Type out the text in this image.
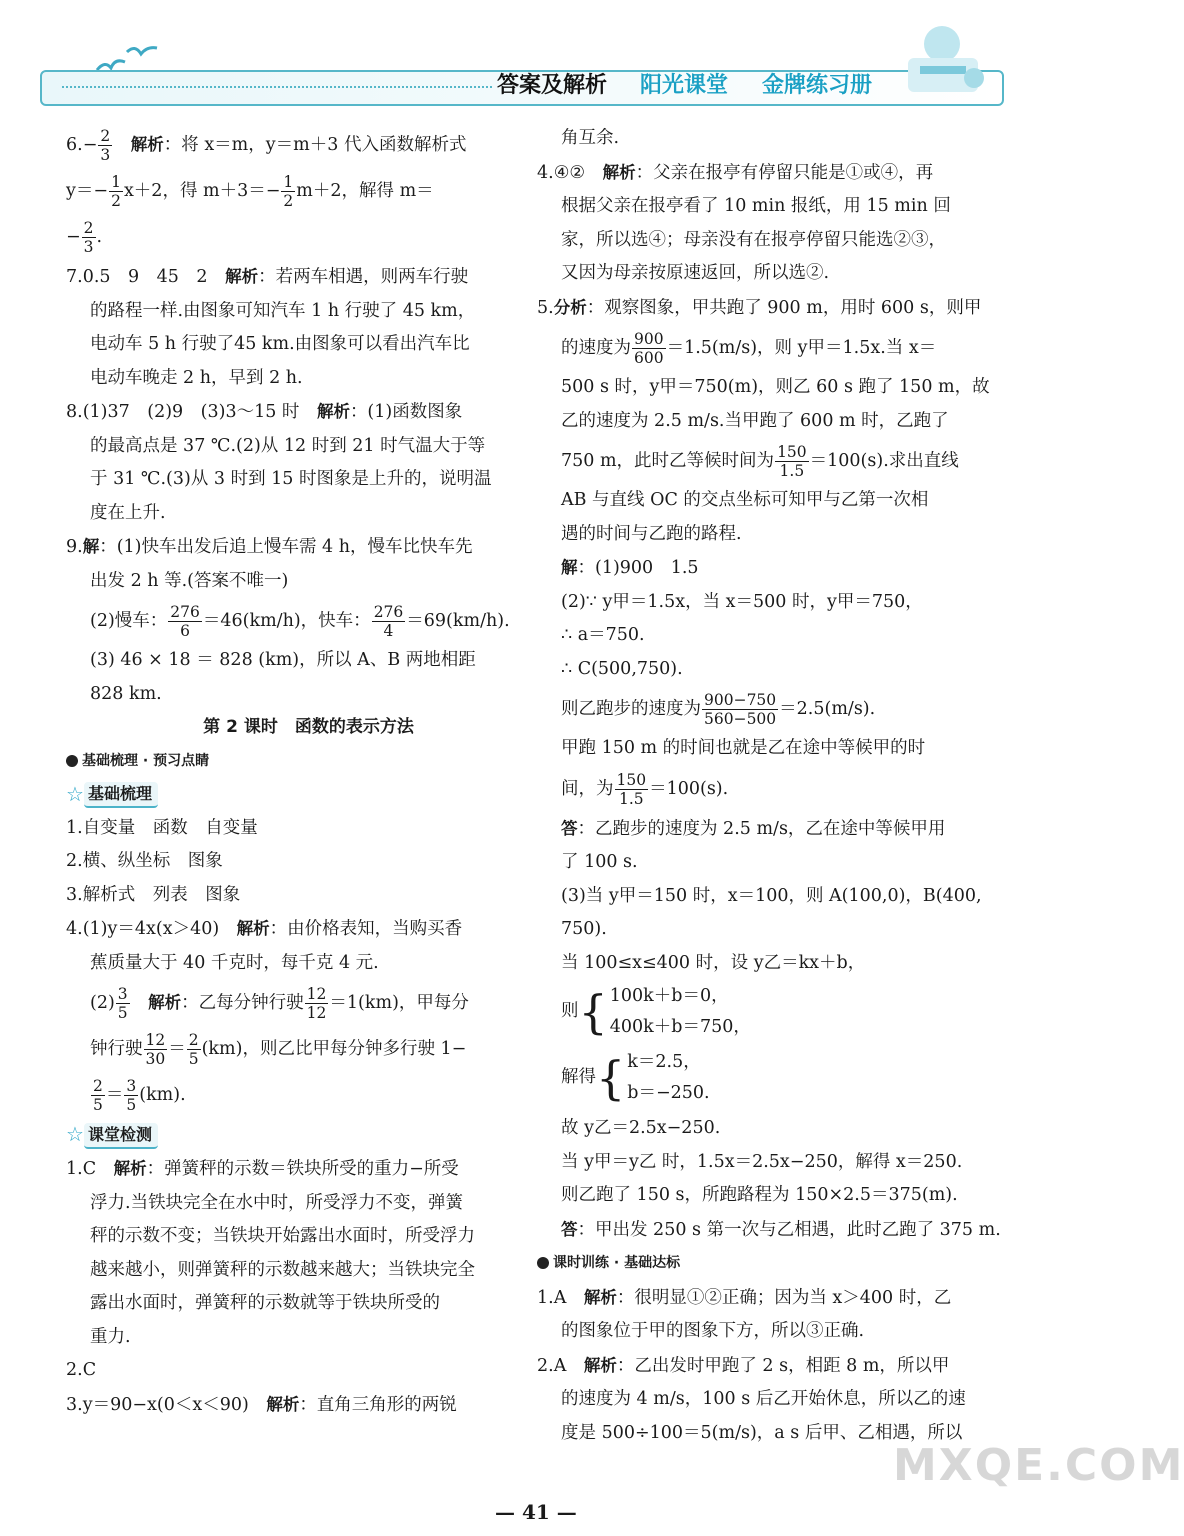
答案及解析 阳光课堂 金牌练习册
$6.- \frac{2}{3}$
　 解析：将 x＝m，y＝m＋3 代入函数解析式
$y=- \frac{1}{2} x+2$，得 $m+3=- \frac{1}{2} m+2$，解得 m＝
− $\frac{2}{3}$ .
7.0.5　9　45　2　 解析：若两车相遇，则两车行驶
的路程一样.由图象可知汽车 1 h 行驶了 45 km，
电动车 5 h 行驶了45 km.由图象可以看出汽车比
电动车晚走 2 h，早到 2 h.
8.(1)37　(2)9　(3)3～15 时　 解析：(1)函数图象
的最高点是 37 ℃.(2)从 12 时到 21 时气温大于等
于 31 ℃.(3)从 3 时到 15 时图象是上升的，说明温
度在上升.
9.解：(1)快车出发后追上慢车需 4 h，慢车比快车先
出发 2 h 等.(答案不唯一)
(2)慢车： $\frac{276}{6} =46(km/h)$，快车： $\frac{276}{4} =69(km/h)$.
(3) 46 × 18 ＝ 828 (km)，所以 A、B 两地相距
828 km.
第 2 课时　函数的表示方法
基础梳理 · 预习点睛
☆ 基础梳理
1.自变量　函数　自变量
2.横、纵坐标　图象
3.解析式　列表　图象
4.(1)y＝4x(x＞40)　 解析：由价格表知，当购买香
蕉质量大于 40 千克时，每千克 4 元.
$(2) \frac{3}{5}$
　 解析：乙每分钟行驶 $\frac{12}{12} =1(km)$，甲每分
钟行驶 $\frac{12}{30} = \frac{2}{5} (km)$，则乙比甲每分钟多行驶 1−
$\frac{2}{5} = \frac{3}{5} (km)$.
☆ 课堂检测
1.C　 解析：弹簧秤的示数＝铁块所受的重力−所受
浮力.当铁块完全在水中时，所受浮力不变，弹簧
秤的示数不变；当铁块开始露出水面时，所受浮力
越来越小，则弹簧秤的示数越来越大；当铁块完全
露出水面时，弹簧秤的示数就等于铁块所受的
重力.
2.C
3.y＝90−x(0＜x＜90)　 解析：直角三角形的两锐
角互余.
4.④②　 解析：父亲在报亭有停留只能是①或④，再
根据父亲在报亭看了 10 min 报纸，用 15 min 回
家，所以选④；母亲没有在报亭停留只能选②③，
又因为母亲按原速返回，所以选②.
5.分析：观察图象，甲共跑了 900 m，用时 600 s，则甲
的速度为 $\frac{900}{600} =1.5(m/s)$，则 y甲＝1.5x.当 x＝
500 s 时，y甲＝750(m)，则乙 60 s 跑了 150 m，故
乙的速度为 2.5 m/s.当甲跑了 600 m 时，乙跑了
750 m，此时乙等候时间为 $\frac{150}{1.5} =100(s)$.求出直线
AB 与直线 OC 的交点坐标可知甲与乙第一次相
遇的时间与乙跑的路程.
解：(1)900　1.5
(2)∵ y甲＝1.5x，当 x＝500 时，y甲＝750，
∴ a＝750.
∴ C(500,750).
则乙跑步的速度为 $\frac{900-750}{560-500} =2.5(m/s)$.
甲跑 150 m 的时间也就是乙在途中等候甲的时
间，为 $\frac{150}{1.5} =100(s)$.
答：乙跑步的速度为 2.5 m/s，乙在途中等候甲用
了 100 s.
(3)当 y甲＝150 时，x＝100，则 A(100,0)，B(400,
750).
当 100≤x≤400 时，设 y乙＝kx＋b，
则{ 100k＋b＝0，
400k＋b＝750，
解得{ k＝2.5，
b＝−250.
故 y乙＝2.5x−250.
当 y甲＝y乙 时，1.5x＝2.5x−250，解得 x＝250.
则乙跑了 150 s，所跑路程为 150×2.5＝375(m).
答：甲出发 250 s 第一次与乙相遇，此时乙跑了 375 m.
课时训练 · 基础达标
1.A　 解析：很明显①②正确；因为当 x＞400 时，乙
的图象位于甲的图象下方，所以③正确.
2.A　 解析：乙出发时甲跑了 2 s，相距 8 m，所以甲
的速度为 4 m/s，100 s 后乙开始休息，所以乙的速
度是 500÷100＝5(m/s)，a s 后甲、乙相遇，所以
— 41 —
MXQE.COM
